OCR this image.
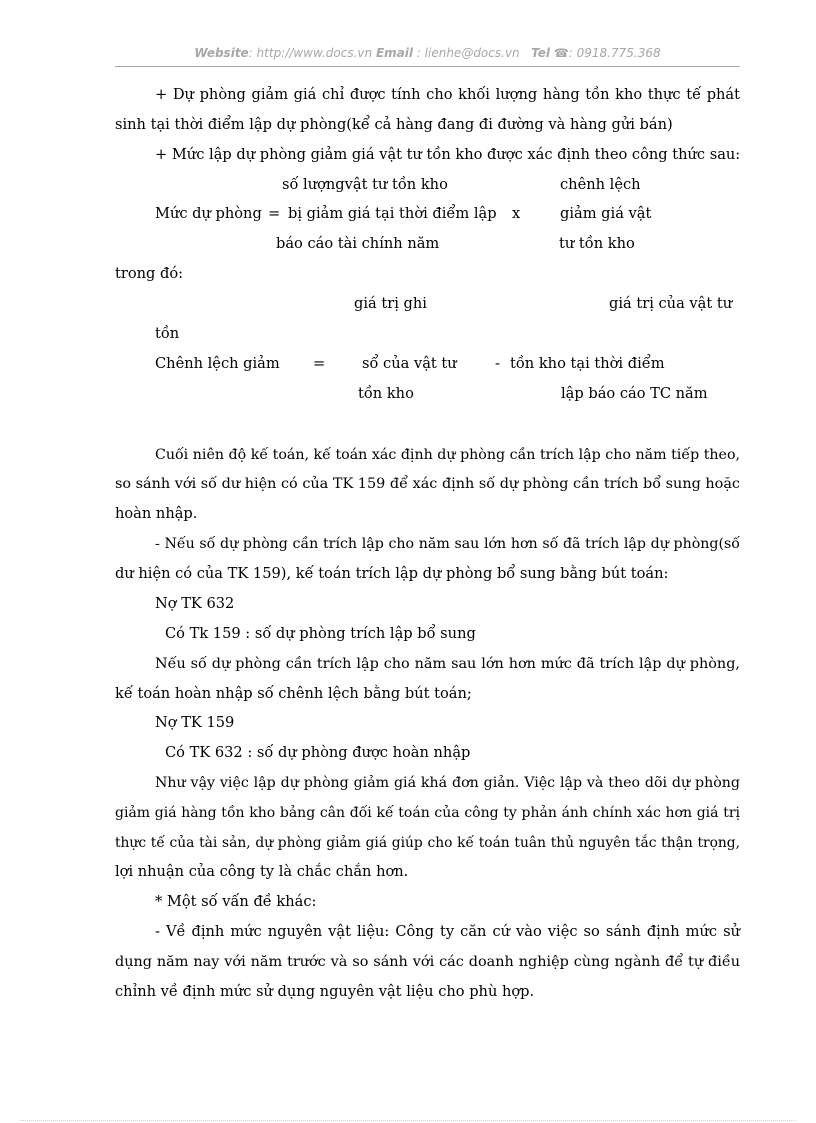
Website: http://www.docs.vn Email : lienhe@docs.vn Tel ☎: 0918.775.368
+ Dự phòng giảm giá chỉ được tính cho khối lượng hàng tồn kho thực tế phát
sinh tại thời điểm lập dự phòng(kể cả hàng đang đi đường và hàng gửi bán)
+ Mức lập dự phòng giảm giá vật tư tồn kho được xác định theo công thức sau:
số lượngvật tư tồn kho	chênh lệch
Mức dự phòng = bị giảm giá tại thời điểm lập x	giảm giá vật
báo cáo tài chính năm	tư tồn kho
trong đó:
giá trị ghi	giá trị của vật tư
tồn
Chênh lệch giảm =	sổ của vật tư	- tồn kho tại thời điểm
tồn kho	lập báo cáo TC năm
Cuối niên độ kế toán, kế toán xác định dự phòng cần trích lập cho năm tiếp theo,
so sánh với số dư hiện có của TK 159 để xác định số dự phòng cần trích bổ sung hoặc
hoàn nhập.
- Nếu số dự phòng cần trích lập cho năm sau lớn hơn số đã trích lập dự phòng(số
dư hiện có của TK 159), kế toán trích lập dự phòng bổ sung bằng bút toán:
Nợ TK 632
Có Tk 159 : số dự phòng trích lập bổ sung
Nếu số dự phòng cần trích lập cho năm sau lớn hơn mức đã trích lập dự phòng,
kế toán hoàn nhập số chênh lệch bằng bút toán;
Nợ TK 159
Có TK 632 : số dự phòng được hoàn nhập
Như vậy việc lập dự phòng giảm giá khá đơn giản. Việc lập và theo dõi dự phòng
giảm giá hàng tồn kho bảng cân đối kế toán của công ty phản ánh chính xác hơn giá trị
thực tế của tài sản, dự phòng giảm giá giúp cho kế toán tuân thủ nguyên tắc thận trọng,
lợi nhuận của công ty là chắc chắn hơn.
* Một số vấn đề khác:
- Về định mức nguyên vật liệu: Công ty căn cứ vào việc so sánh định mức sử
dụng năm nay với năm trước và so sánh với các doanh nghiệp cùng ngành để tự điều
chỉnh về định mức sử dụng nguyên vật liệu cho phù hợp.
